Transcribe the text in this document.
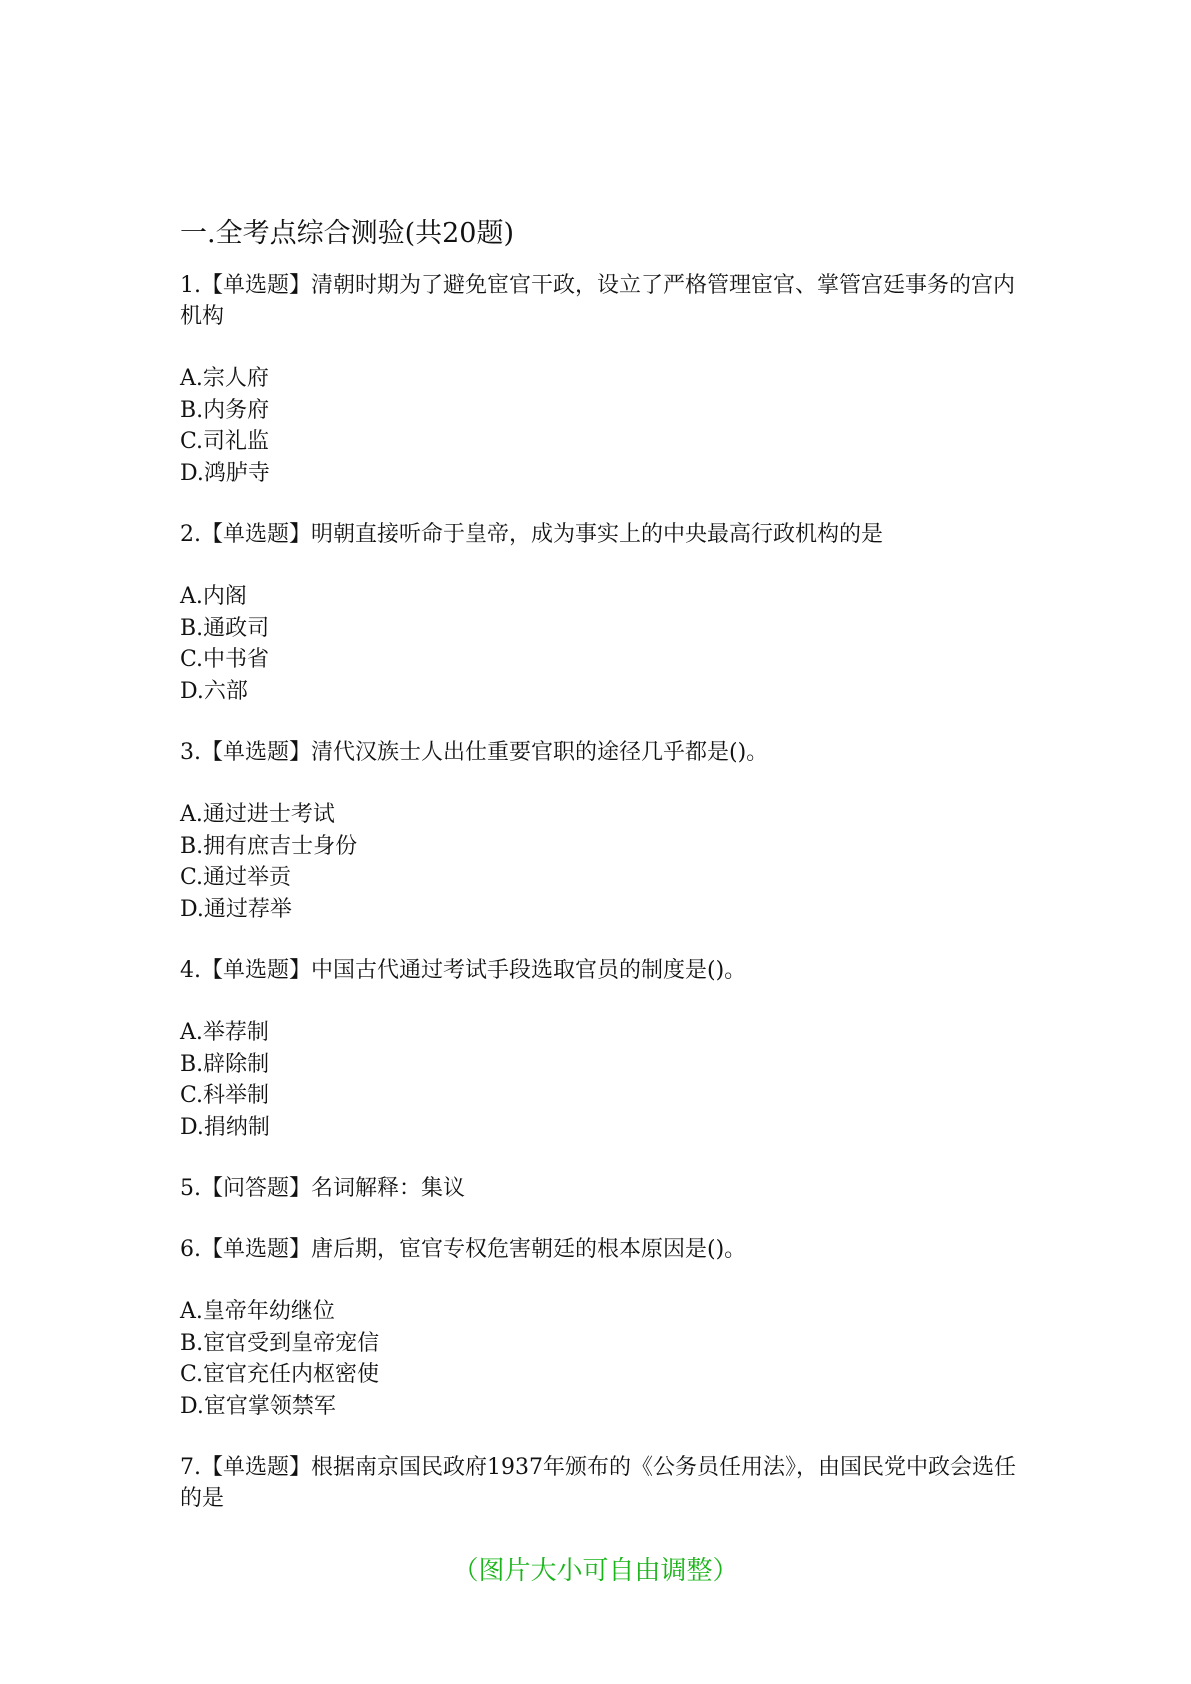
一.全考点综合测验(共20题)

1.【单选题】清朝时期为了避免宦官干政，设立了严格管理宦官、掌管宫廷事务的宫内机构

A.宗人府
B.内务府
C.司礼监
D.鸿胪寺

2.【单选题】明朝直接听命于皇帝，成为事实上的中央最高行政机构的是

A.内阁
B.通政司
C.中书省
D.六部

3.【单选题】清代汉族士人出仕重要官职的途径几乎都是()。

A.通过进士考试
B.拥有庶吉士身份
C.通过举贡
D.通过荐举

4.【单选题】中国古代通过考试手段选取官员的制度是()。

A.举荐制
B.辟除制
C.科举制
D.捐纳制

5.【问答题】名词解释：集议

6.【单选题】唐后期，宦官专权危害朝廷的根本原因是()。

A.皇帝年幼继位
B.宦官受到皇帝宠信
C.宦官充任内枢密使
D.宦官掌领禁军

7.【单选题】根据南京国民政府1937年颁布的《公务员任用法》，由国民党中政会选任的是

（图片大小可自由调整）
